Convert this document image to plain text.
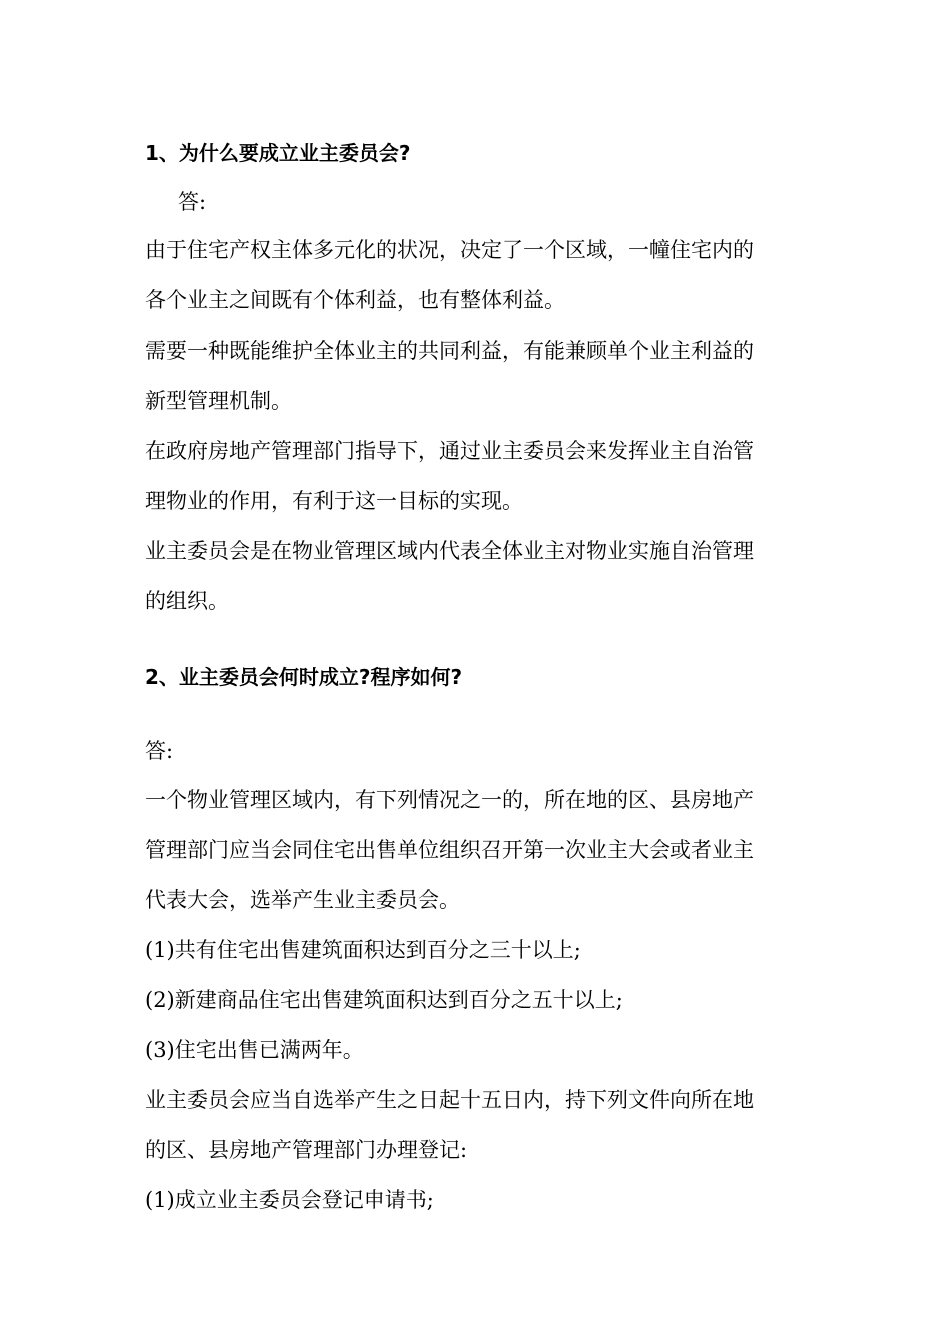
1、为什么要成立业主委员会?
答:
由于住宅产权主体多元化的状况，决定了一个区域，一幢住宅内的
各个业主之间既有个体利益，也有整体利益。
需要一种既能维护全体业主的共同利益，有能兼顾单个业主利益的
新型管理机制。
在政府房地产管理部门指导下，通过业主委员会来发挥业主自治管
理物业的作用，有利于这一目标的实现。
业主委员会是在物业管理区域内代表全体业主对物业实施自治管理
的组织。
2、业主委员会何时成立?程序如何?
答:
一个物业管理区域内，有下列情况之一的，所在地的区、县房地产
管理部门应当会同住宅出售单位组织召开第一次业主大会或者业主
代表大会，选举产生业主委员会。
(1)共有住宅出售建筑面积达到百分之三十以上;
(2)新建商品住宅出售建筑面积达到百分之五十以上;
(3)住宅出售已满两年。
业主委员会应当自选举产生之日起十五日内，持下列文件向所在地
的区、县房地产管理部门办理登记:
(1)成立业主委员会登记申请书;
